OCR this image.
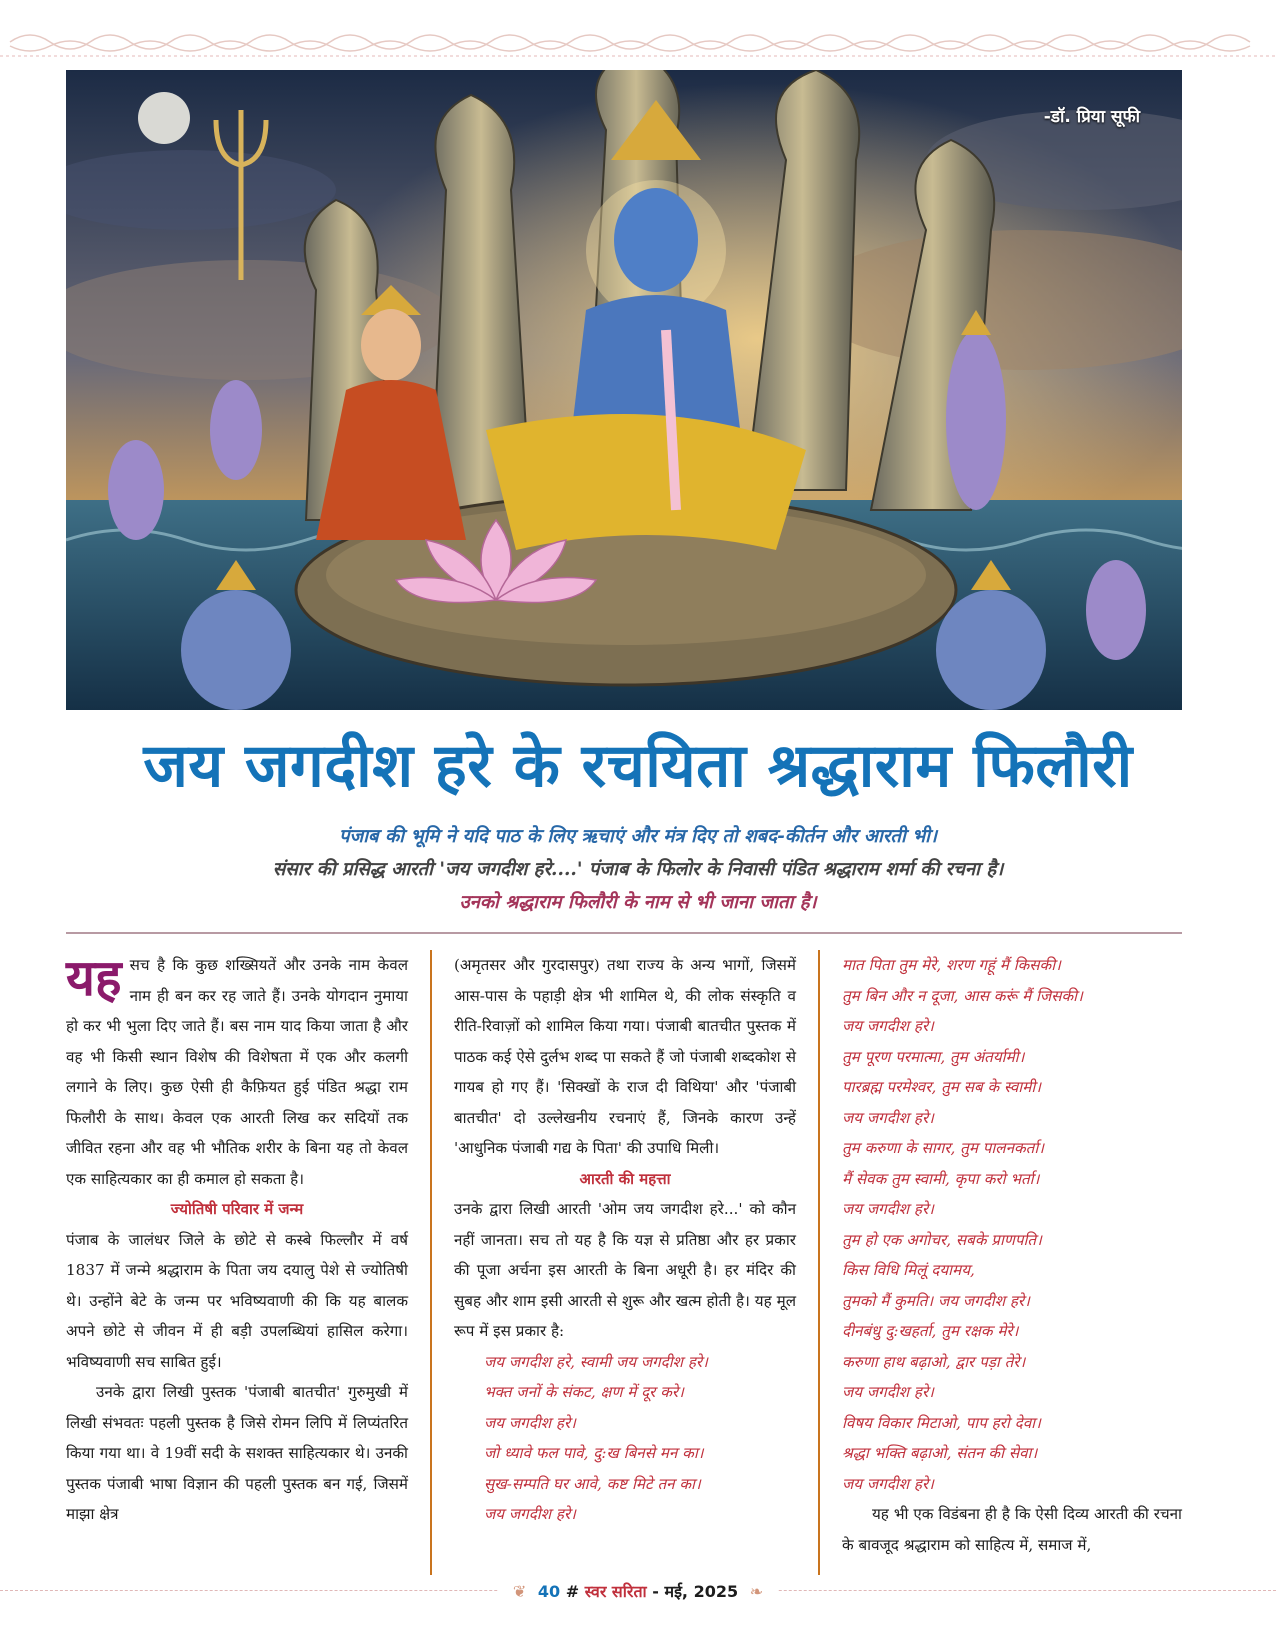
-डॉ. प्रिया सूफी
जय जगदीश हरे के रचयिता श्रद्धाराम फिलौरी
पंजाब की भूमि ने यदि पाठ के लिए ऋचाएं और मंत्र दिए तो शबद-कीर्तन और आरती भी।
संसार की प्रसिद्ध आरती 'जय जगदीश हरे....' पंजाब के फिलोर के निवासी पंडित श्रद्धाराम शर्मा की रचना है।
उनको श्रद्धाराम फिलौरी के नाम से भी जाना जाता है।
यह सच है कि कुछ शख्सियतें और उनके नाम केवल नाम ही बन कर रह जाते हैं। उनके योगदान नुमाया हो कर भी भुला दिए जाते हैं। बस नाम याद किया जाता है और वह भी किसी स्थान विशेष की विशेषता में एक और कलगी लगाने के लिए। कुछ ऐसी ही कैफ़ियत हुई पंडित श्रद्धा राम फिलौरी के साथ। केवल एक आरती लिख कर सदियों तक जीवित रहना और वह भी भौतिक शरीर के बिना यह तो केवल एक साहित्यकार का ही कमाल हो सकता है।

ज्योतिषी परिवार में जन्म

पंजाब के जालंधर जिले के छोटे से कस्बे फिल्लौर में वर्ष 1837 में जन्मे श्रद्धाराम के पिता जय दयालु पेशे से ज्योतिषी थे। उन्होंने बेटे के जन्म पर भविष्यवाणी की कि यह बालक अपने छोटे से जीवन में ही बड़ी उपलब्धियां हासिल करेगा। भविष्यवाणी सच साबित हुई।

उनके द्वारा लिखी पुस्तक 'पंजाबी बातचीत' गुरुमुखी में लिखी संभवतः पहली पुस्तक है जिसे रोमन लिपि में लिप्यंतरित किया गया था। वे 19वीं सदी के सशक्त साहित्यकार थे। उनकी पुस्तक पंजाबी भाषा विज्ञान की पहली पुस्तक बन गई, जिसमें माझा क्षेत्र

(अमृतसर और गुरदासपुर) तथा राज्य के अन्य भागों, जिसमें आस-पास के पहाड़ी क्षेत्र भी शामिल थे, की लोक संस्कृति व रीति-रिवाज़ों को शामिल किया गया। पंजाबी बातचीत पुस्तक में पाठक कई ऐसे दुर्लभ शब्द पा सकते हैं जो पंजाबी शब्दकोश से गायब हो गए हैं। 'सिक्खों के राज दी विथिया' और 'पंजाबी बातचीत' दो उल्लेखनीय रचनाएं हैं, जिनके कारण उन्हें 'आधुनिक पंजाबी गद्य के पिता' की उपाधि मिली।

आरती की महत्ता

उनके द्वारा लिखी आरती 'ओम जय जगदीश हरे...' को कौन नहीं जानता। सच तो यह है कि यज्ञ से प्रतिष्ठा और हर प्रकार की पूजा अर्चना इस आरती के बिना अधूरी है। हर मंदिर की सुबह और शाम इसी आरती से शुरू और खत्म होती है। यह मूल रूप में इस प्रकार है:

जय जगदीश हरे, स्वामी जय जगदीश हरे।
भक्त जनों के संकट, क्षण में दूर करे।
जय जगदीश हरे।
जो ध्यावे फल पावे, दु:ख बिनसे मन का।
सुख-सम्पति घर आवे, कष्ट मिटे तन का।
जय जगदीश हरे।
मात पिता तुम मेरे, शरण गहूं मैं किसकी।
तुम बिन और न दूजा, आस करूं मैं जिसकी।
जय जगदीश हरे।
तुम पूरण परमात्मा, तुम अंतर्यामी।
पारब्रह्म परमेश्वर, तुम सब के स्वामी।
जय जगदीश हरे।
तुम करुणा के सागर, तुम पालनकर्ता।
मैं सेवक तुम स्वामी, कृपा करो भर्ता।
जय जगदीश हरे।
तुम हो एक अगोचर, सबके प्राणपति।
किस विधि मिलूं दयामय,
तुमको मैं कुमति। जय जगदीश हरे।
दीनबंधु दु:खहर्ता, तुम रक्षक मेरे।
करुणा हाथ बढ़ाओ, द्वार पड़ा तेरे।
जय जगदीश हरे।
विषय विकार मिटाओ, पाप हरो देवा।
श्रद्धा भक्ति बढ़ाओ, संतन की सेवा।
जय जगदीश हरे।

यह भी एक विडंबना ही है कि ऐसी दिव्य आरती की रचना के बावजूद श्रद्धाराम को साहित्य में, समाज में,

❦ 40 # स्वर सरिता - मई, 2025 ❧
